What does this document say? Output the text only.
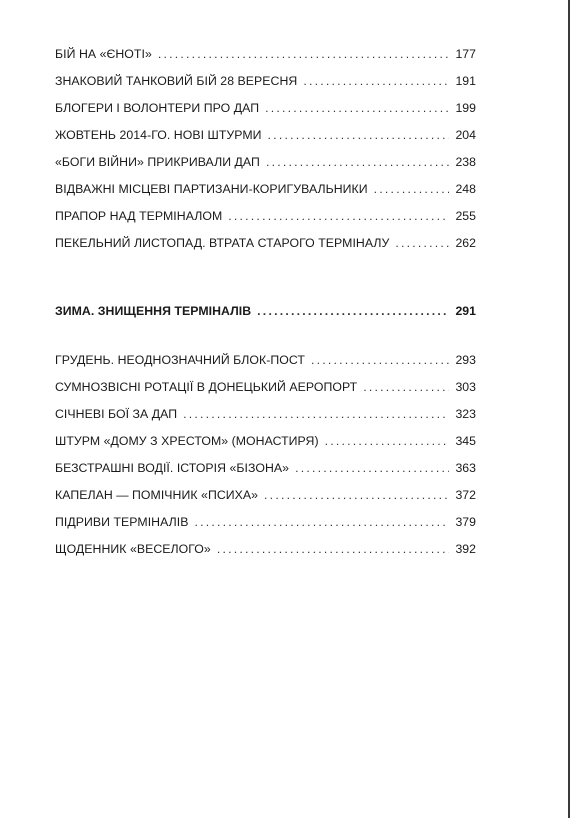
БІЙ НА «ЄНОТІ» . . .	177
ЗНАКОВИЙ ТАНКОВИЙ БІЙ 28 ВЕРЕСНЯ . . .	191
БЛОГЕРИ І ВОЛОНТЕРИ ПРО ДАП . . .	199
ЖОВТЕНЬ 2014-ГО. НОВІ ШТУРМИ . . .	204
«БОГИ ВІЙНИ» ПРИКРИВАЛИ ДАП . . .	238
ВІДВАЖНІ МІСЦЕВІ ПАРТИЗАНИ-КОРИГУВАЛЬНИКИ . . .	248
ПРАПОР НАД ТЕРМІНАЛОМ . . .	255
ПЕКЕЛЬНИЙ ЛИСТОПАД. ВТРАТА СТАРОГО ТЕРМІНАЛУ . . .	262
ЗИМА. ЗНИЩЕННЯ ТЕРМІНАЛІВ . . .	291
ГРУДЕНЬ. НЕОДНОЗНАЧНИЙ БЛОК-ПОСТ . . .	293
СУМНОЗВІСНІ РОТАЦІЇ В ДОНЕЦЬКИЙ АЕРОПОРТ . . .	303
СІЧНЕВІ БОЇ ЗА ДАП . . .	323
ШТУРМ «ДОМУ З ХРЕСТОМ» (МОНАСТИРЯ) . . .	345
БЕЗСТРАШНІ ВОДІЇ. ІСТОРІЯ «БІЗОНА» . . .	363
КАПЕЛАН — ПОМІЧНИК «ПСИХА» . . .	372
ПІДРИВИ ТЕРМІНАЛІВ . . .	379
ЩОДЕННИК «ВЕСЕЛОГО» . . .	392
